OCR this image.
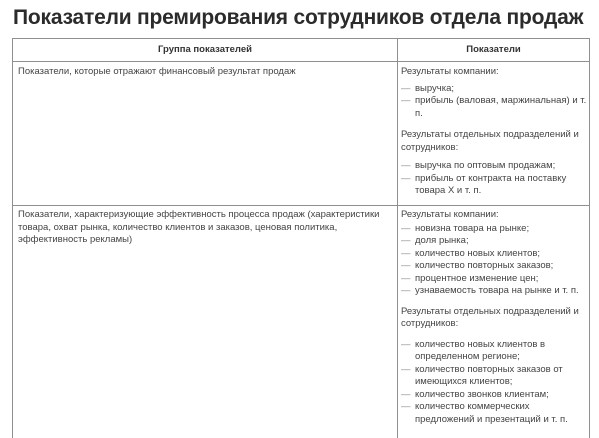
Показатели премирования сотрудников отдела продаж
Группа показателей	Показатели
Показатели, которые отражают финансовый результат продаж	Результаты компании:
— выручка;
— прибыль (валовая, маржинальная) и т. п.
Результаты отдельных подразделений и сотрудников:
— выручка по оптовым продажам;
— прибыль от контракта на поставку товара Х и т. п.
Показатели, характеризующие эффективность процесса продаж (характеристики товара, охват рынка, количество клиентов и заказов, ценовая политика, эффективность рекламы)
Результаты компании:
— новизна товара на рынке;
— доля рынка;
— количество новых клиентов;
— количество повторных заказов;
— процентное изменение цен;
— узнаваемость товара на рынке и т. п.
Результаты отдельных подразделений и сотрудников:
— количество новых клиентов в определенном регионе;
— количество повторных заказов от имеющихся клиентов;
— количество звонков клиентам;
— количество коммерческих предложений и презентаций и т. п.
